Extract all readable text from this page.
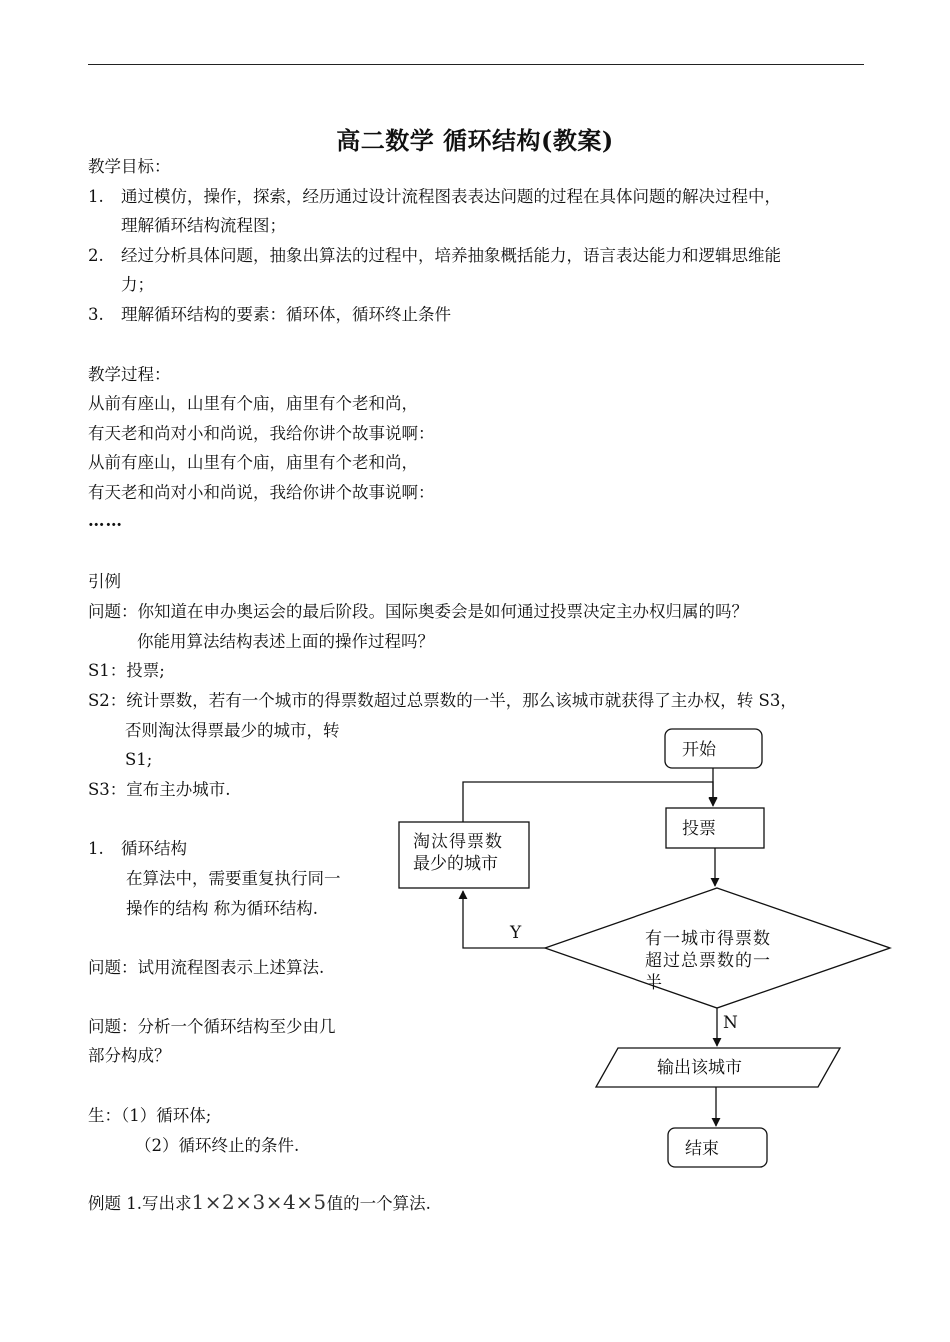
高二数学 循环结构(教案)
教学目标：
1. 通过模仿，操作，探索，经历通过设计流程图表表达问题的过程在具体问题的解决过程中，
理解循环结构流程图；
2. 经过分析具体问题，抽象出算法的过程中，培养抽象概括能力，语言表达能力和逻辑思维能
力；
3. 理解循环结构的要素：循环体，循环终止条件
教学过程：
从前有座山，山里有个庙，庙里有个老和尚，
有天老和尚对小和尚说，我给你讲个故事说啊：
从前有座山，山里有个庙，庙里有个老和尚，
有天老和尚对小和尚说，我给你讲个故事说啊：
……
引例
问题：你知道在申办奥运会的最后阶段。国际奥委会是如何通过投票决定主办权归属的吗？
你能用算法结构表述上面的操作过程吗？
S1：投票;
S2：统计票数，若有一个城市的得票数超过总票数的一半，那么该城市就获得了主办权，转 S3，
否则淘汰得票最少的城市，转
S1;
S3：宣布主办城市.
1. 循环结构
在算法中，需要重复执行同一
操作的结构 称为循环结构.
问题：试用流程图表示上述算法.
问题：分析一个循环结构至少由几
部分构成？
生：（1）循环体;
（2）循环终止的条件.
例题 1.写出求1×2×3×4×5值的一个算法.
开始
投票
有一城市得票数
超过总票数的一
半
Y
淘汰得票数
最少的城市
N
输出该城市
结束
